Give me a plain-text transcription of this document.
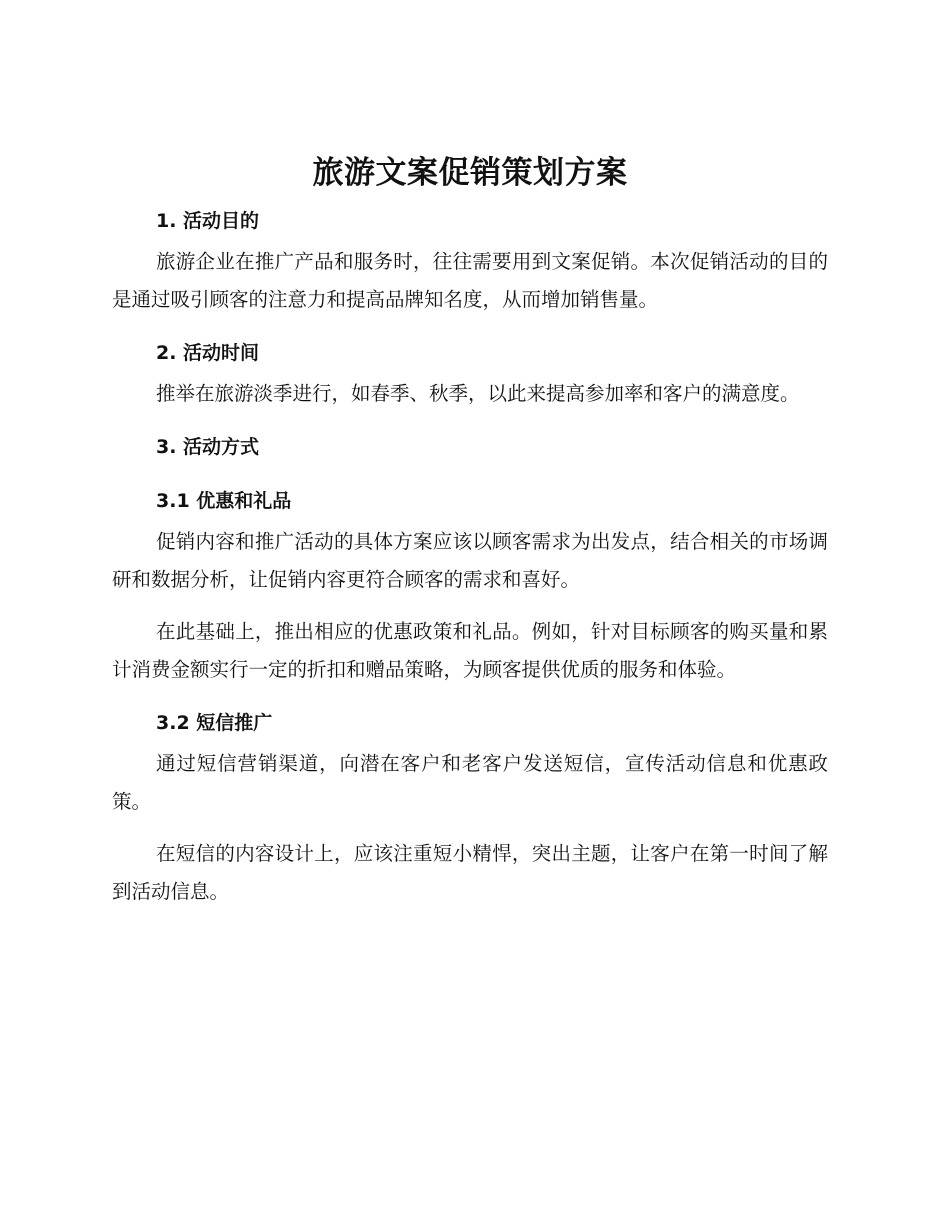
旅游文案促销策划方案
1. 活动目的

旅游企业在推广产品和服务时，往往需要用到文案促销。本次促销活动的目的是通过吸引顾客的注意力和提高品牌知名度，从而增加销售量。

2. 活动时间

推举在旅游淡季进行，如春季、秋季，以此来提高参加率和客户的满意度。

3. 活动方式
3.1 优惠和礼品

促销内容和推广活动的具体方案应该以顾客需求为出发点，结合相关的市场调研和数据分析，让促销内容更符合顾客的需求和喜好。

在此基础上，推出相应的优惠政策和礼品。例如，针对目标顾客的购买量和累计消费金额实行一定的折扣和赠品策略，为顾客提供优质的服务和体验。

3.2 短信推广

通过短信营销渠道，向潜在客户和老客户发送短信，宣传活动信息和优惠政策。

在短信的内容设计上，应该注重短小精悍，突出主题，让客户在第一时间了解到活动信息。
